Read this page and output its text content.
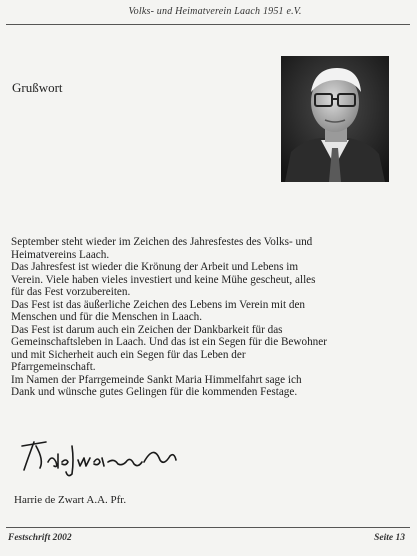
Volks- und Heimatverein Laach 1951 e.V.
Grußwort
September steht wieder im Zeichen des Jahresfestes des Volks- und
Heimatvereins Laach.
Das Jahresfest ist wieder die Krönung der Arbeit und Lebens im
Verein. Viele haben vieles investiert und keine Mühe gescheut, alles
für das Fest vorzubereiten.
Das Fest ist das äußerliche Zeichen des Lebens im Verein mit den
Menschen und für die Menschen in Laach.
Das Fest ist darum auch ein Zeichen der Dankbarkeit für das
Gemeinschaftsleben in Laach. Und das ist ein Segen für die Bewohner
und mit Sicherheit auch ein Segen für das Leben der
Pfarrgemeinschaft.
Im Namen der Pfarrgemeinde Sankt Maria Himmelfahrt sage ich
Dank und wünsche gutes Gelingen für die kommenden Festage.
Harrie de Zwart A.A. Pfr.
Festschrift 2002	Seite 13
